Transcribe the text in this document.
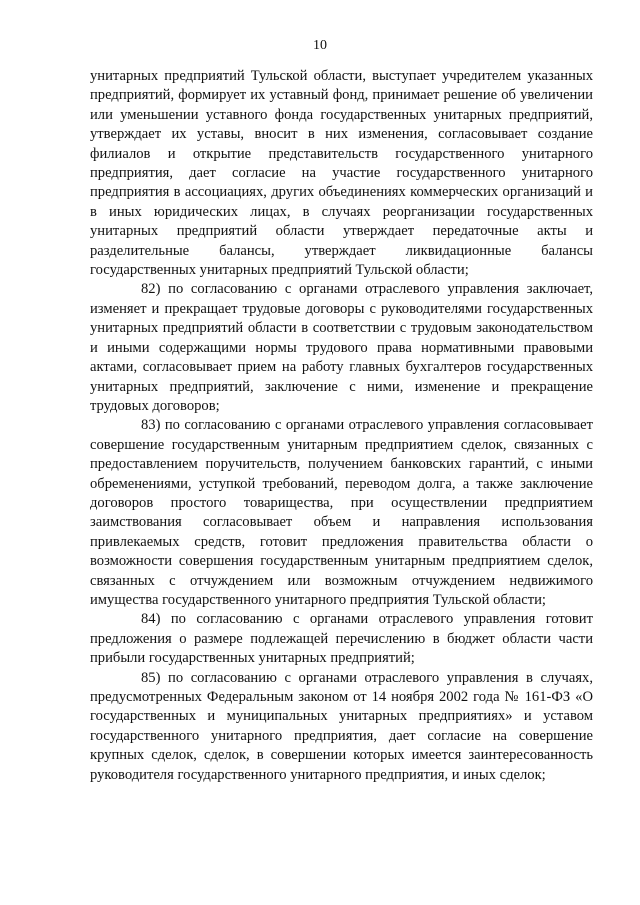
10

унитарных предприятий Тульской области, выступает учредителем указанных предприятий, формирует их уставный фонд, принимает решение об увеличении или уменьшении уставного фонда государственных унитарных предприятий, утверждает их уставы, вносит в них изменения, согласовывает создание филиалов и открытие представительств государственного унитарного предприятия, дает согласие на участие государственного унитарного предприятия в ассоциациях, других объединениях коммерческих организаций и в иных юридических лицах, в случаях реорганизации государственных унитарных предприятий области утверждает передаточные акты и разделительные балансы, утверждает ликвидационные балансы государственных унитарных предприятий Тульской области;

82) по согласованию с органами отраслевого управления заключает, изменяет и прекращает трудовые договоры с руководителями государственных унитарных предприятий области в соответствии с трудовым законодательством и иными содержащими нормы трудового права нормативными правовыми актами, согласовывает прием на работу главных бухгалтеров государственных унитарных предприятий, заключение с ними, изменение и прекращение трудовых договоров;

83) по согласованию с органами отраслевого управления согласовывает совершение государственным унитарным предприятием сделок, связанных с предоставлением поручительств, получением банковских гарантий, с иными обременениями, уступкой требований, переводом долга, а также заключение договоров простого товарищества, при осуществлении предприятием заимствования согласовывает объем и направления использования привлекаемых средств, готовит предложения правительства области о возможности совершения государственным унитарным предприятием сделок, связанных с отчуждением или возможным отчуждением недвижимого имущества государственного унитарного предприятия Тульской области;

84) по согласованию с органами отраслевого управления готовит предложения о размере подлежащей перечислению в бюджет области части прибыли государственных унитарных предприятий;

85) по согласованию с органами отраслевого управления в случаях, предусмотренных Федеральным законом от 14 ноября 2002 года № 161-ФЗ «О государственных и муниципальных унитарных предприятиях» и уставом государственного унитарного предприятия, дает согласие на совершение крупных сделок, сделок, в совершении которых имеется заинтересованность руководителя государственного унитарного предприятия, и иных сделок;
